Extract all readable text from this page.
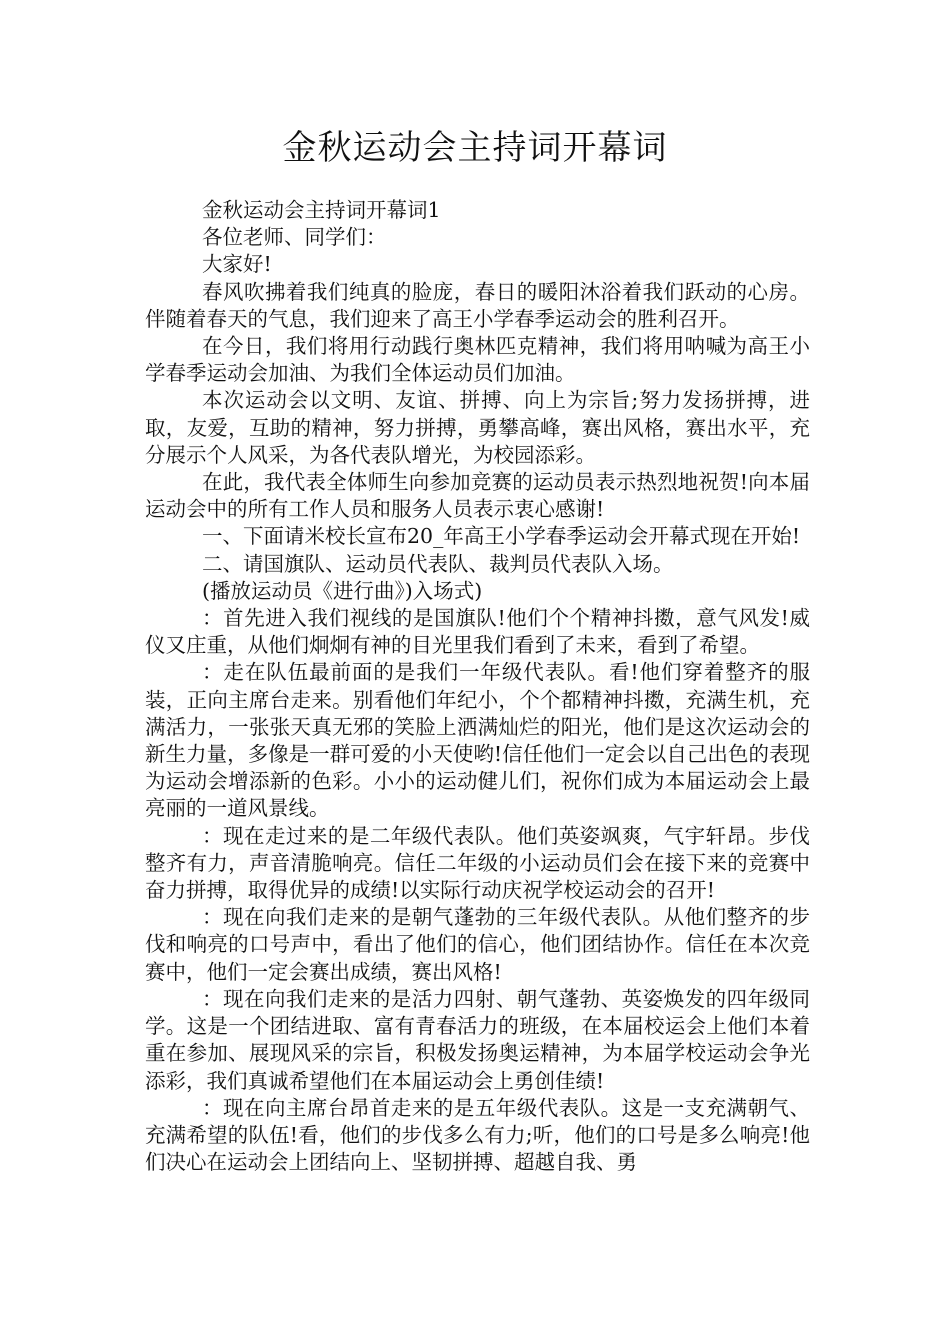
金秋运动会主持词开幕词

金秋运动会主持词开幕词1

各位老师、同学们：

大家好!

春风吹拂着我们纯真的脸庞，春日的暖阳沐浴着我们跃动的心房。伴随着春天的气息，我们迎来了高王小学春季运动会的胜利召开。

在今日，我们将用行动践行奥林匹克精神，我们将用呐喊为高王小学春季运动会加油、为我们全体运动员们加油。

本次运动会以文明、友谊、拼搏、向上为宗旨;努力发扬拼搏，进取，友爱，互助的精神，努力拼搏，勇攀高峰，赛出风格，赛出水平，充分展示个人风采，为各代表队增光，为校园添彩。

在此，我代表全体师生向参加竞赛的运动员表示热烈地祝贺!向本届运动会中的所有工作人员和服务人员表示衷心感谢!

一、下面请米校长宣布20_年高王小学春季运动会开幕式现在开始!

二、请国旗队、运动员代表队、裁判员代表队入场。

(播放运动员《进行曲》)入场式)

：首先进入我们视线的是国旗队!他们个个精神抖擞，意气风发!威仪又庄重，从他们炯炯有神的目光里我们看到了未来，看到了希望。

：走在队伍最前面的是我们一年级代表队。看!他们穿着整齐的服装，正向主席台走来。别看他们年纪小，个个都精神抖擞，充满生机，充满活力，一张张天真无邪的笑脸上洒满灿烂的阳光，他们是这次运动会的新生力量，多像是一群可爱的小天使哟!信任他们一定会以自己出色的表现为运动会增添新的色彩。小小的运动健儿们，祝你们成为本届运动会上最亮丽的一道风景线。

：现在走过来的是二年级代表队。他们英姿飒爽，气宇轩昂。步伐整齐有力，声音清脆响亮。信任二年级的小运动员们会在接下来的竞赛中奋力拼搏，取得优异的成绩!以实际行动庆祝学校运动会的召开!

：现在向我们走来的是朝气蓬勃的三年级代表队。从他们整齐的步伐和响亮的口号声中，看出了他们的信心，他们团结协作。信任在本次竞赛中，他们一定会赛出成绩，赛出风格!

：现在向我们走来的是活力四射、朝气蓬勃、英姿焕发的四年级同学。这是一个团结进取、富有青春活力的班级，在本届校运会上他们本着重在参加、展现风采的宗旨，积极发扬奥运精神，为本届学校运动会争光添彩，我们真诚希望他们在本届运动会上勇创佳绩!

：现在向主席台昂首走来的是五年级代表队。这是一支充满朝气、充满希望的队伍!看，他们的步伐多么有力;听，他们的口号是多么响亮!他们决心在运动会上团结向上、坚韧拼搏、超越自我、勇
